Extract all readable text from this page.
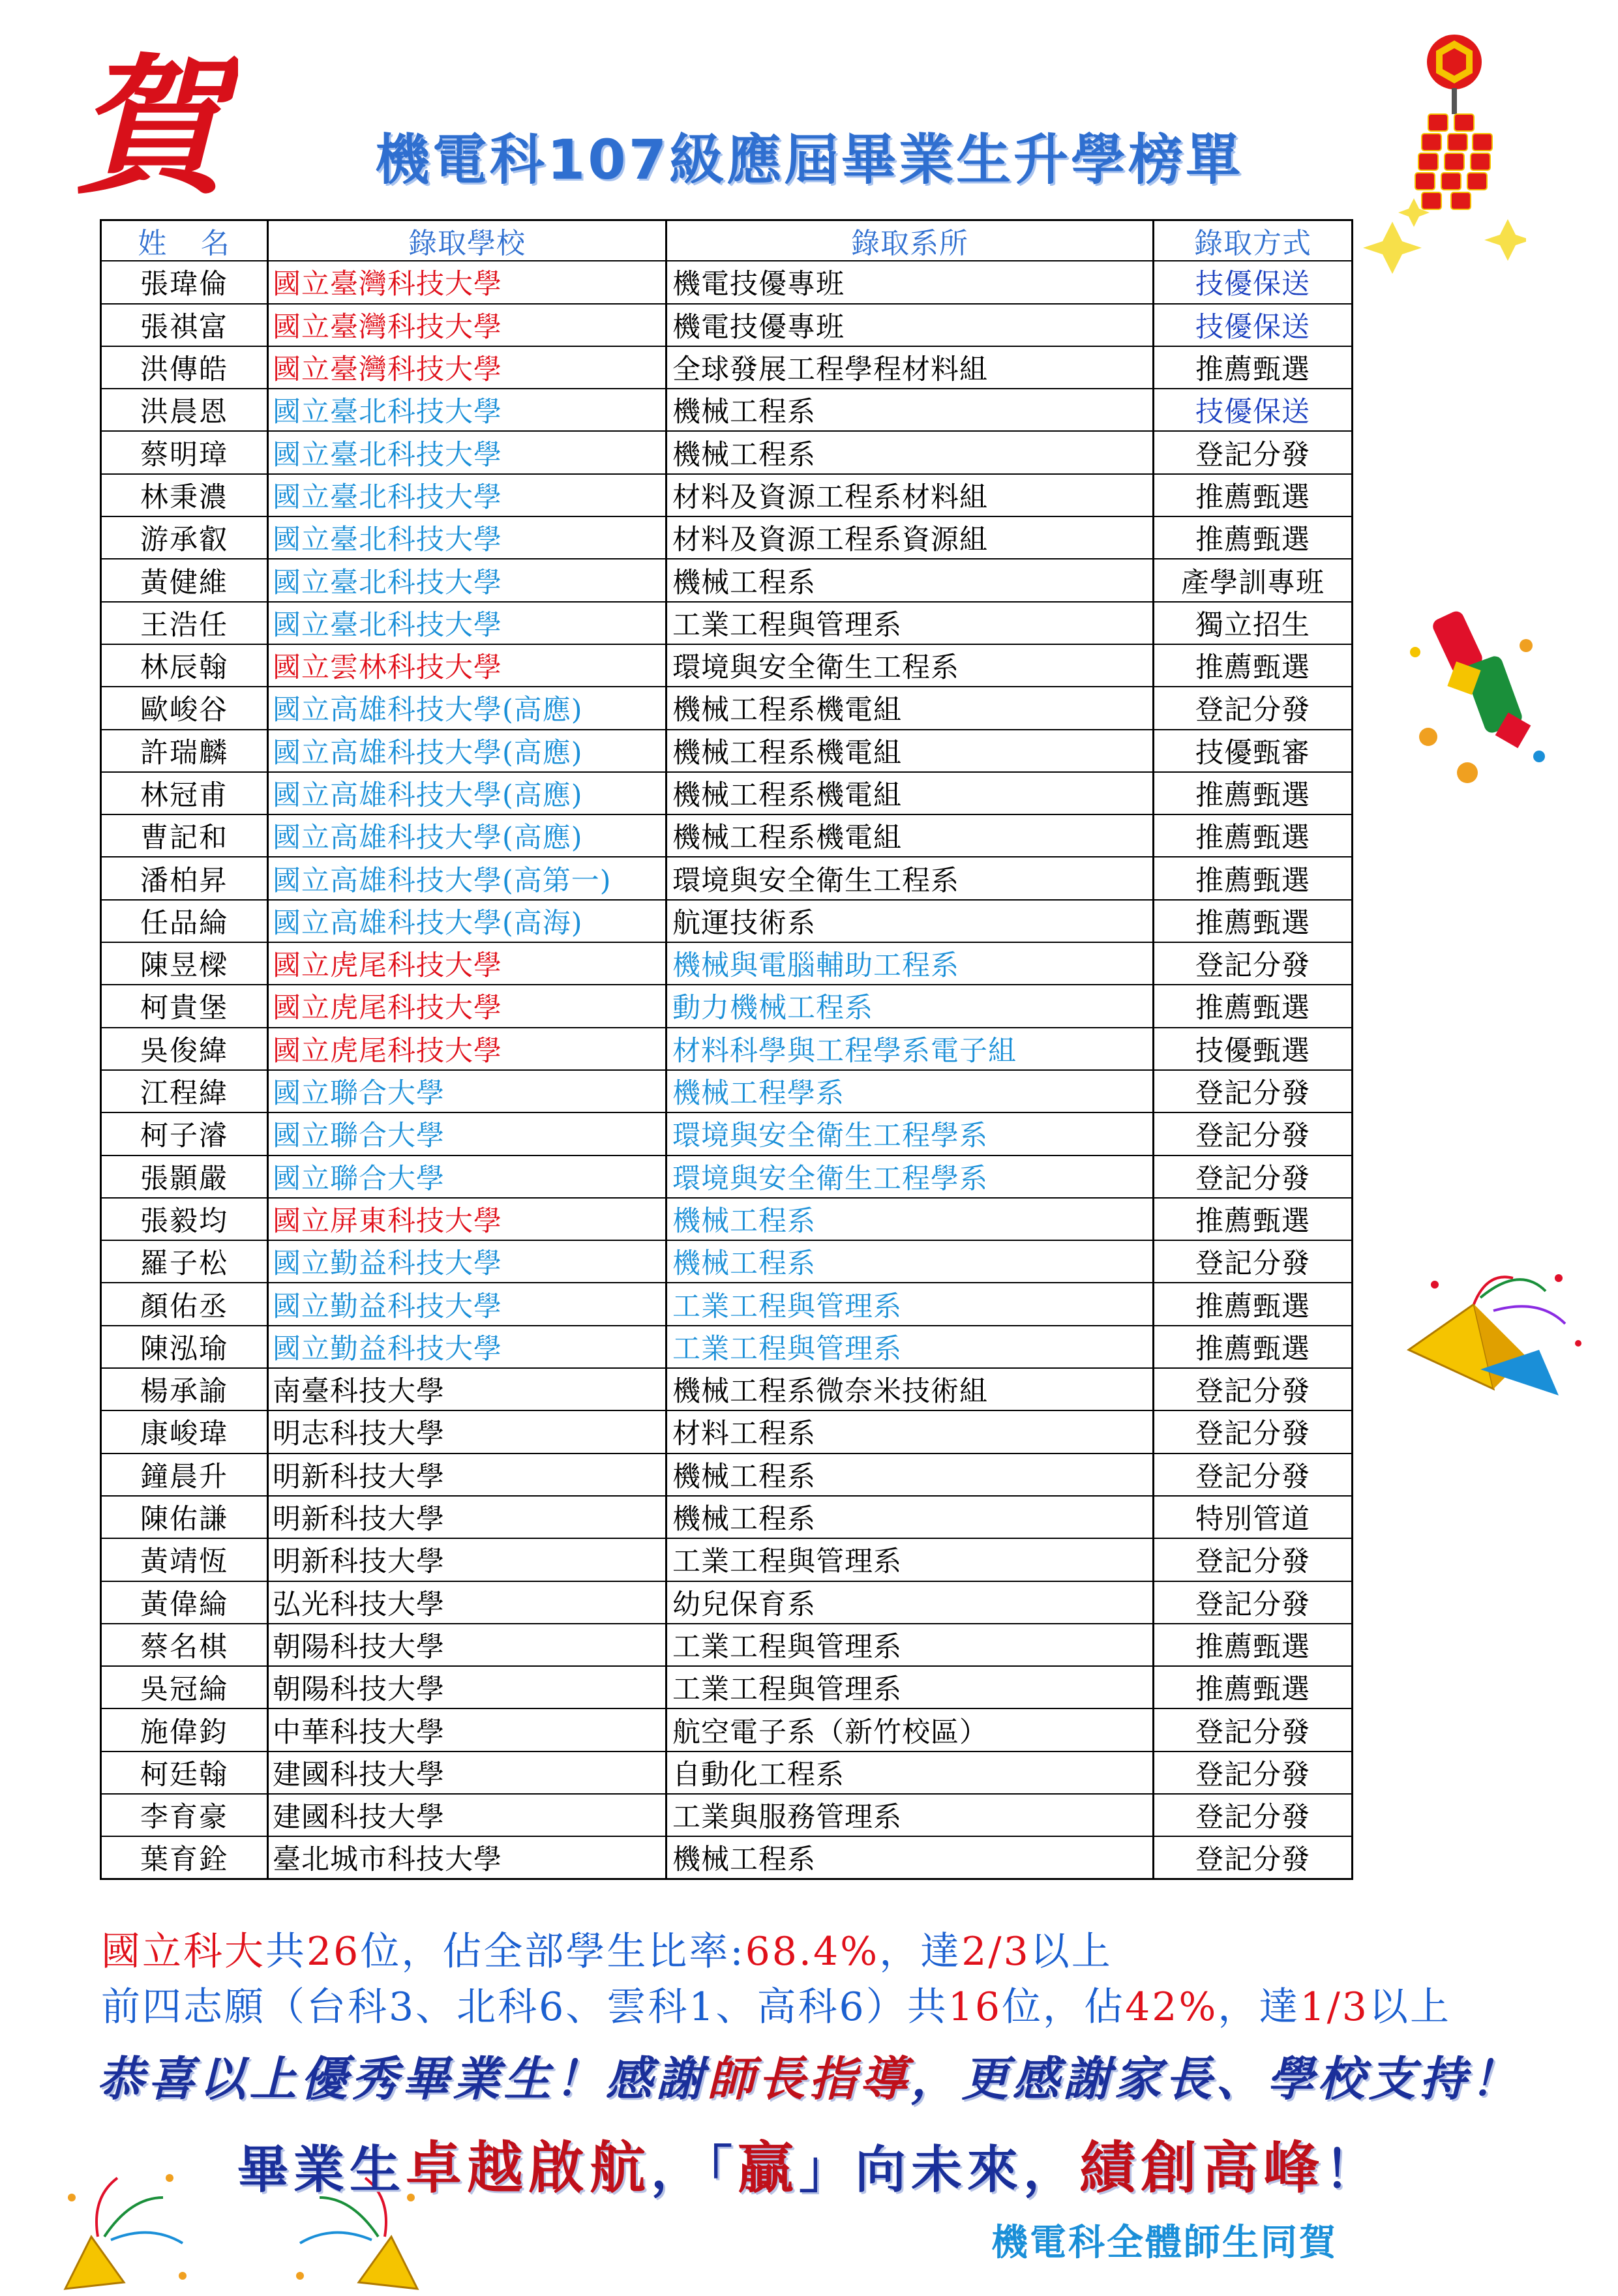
賀	機電科107級應屆畢業生升學榜單
姓 名	錄取學校	錄取系所	錄取方式
張瑋倫	國立臺灣科技大學	機電技優專班	技優保送
張祺富	國立臺灣科技大學	機電技優專班	技優保送
洪傳皓	國立臺灣科技大學	全球發展工程學程材料組	推薦甄選
洪晨恩	國立臺北科技大學	機械工程系	技優保送
蔡明璋	國立臺北科技大學	機械工程系	登記分發
林秉濃	國立臺北科技大學	材料及資源工程系材料組	推薦甄選
游承叡	國立臺北科技大學	材料及資源工程系資源組	推薦甄選
黃健維	國立臺北科技大學	機械工程系	產學訓專班
王浩任	國立臺北科技大學	工業工程與管理系	獨立招生
林辰翰	國立雲林科技大學	環境與安全衛生工程系	推薦甄選
歐峻谷	國立高雄科技大學(高應)	機械工程系機電組	登記分發
許瑞麟	國立高雄科技大學(高應)	機械工程系機電組	技優甄審
林冠甫	國立高雄科技大學(高應)	機械工程系機電組	推薦甄選
曹記和	國立高雄科技大學(高應)	機械工程系機電組	推薦甄選
潘柏昇	國立高雄科技大學(高第一)	環境與安全衛生工程系	推薦甄選
任品綸	國立高雄科技大學(高海)	航運技術系	推薦甄選
陳昱樑	國立虎尾科技大學	機械與電腦輔助工程系	登記分發
柯貴堡	國立虎尾科技大學	動力機械工程系	推薦甄選
吳俊緯	國立虎尾科技大學	材料科學與工程學系電子組	技優甄選
江程緯	國立聯合大學	機械工程學系	登記分發
柯子濬	國立聯合大學	環境與安全衛生工程學系	登記分發
張顥嚴	國立聯合大學	環境與安全衛生工程學系	登記分發
張毅均	國立屏東科技大學	機械工程系	推薦甄選
羅子松	國立勤益科技大學	機械工程系	登記分發
顏佑丞	國立勤益科技大學	工業工程與管理系	推薦甄選
陳泓瑜	國立勤益科技大學	工業工程與管理系	推薦甄選
楊承諭	南臺科技大學	機械工程系微奈米技術組	登記分發
康峻瑋	明志科技大學	材料工程系	登記分發
鐘晨升	明新科技大學	機械工程系	登記分發
陳佑謙	明新科技大學	機械工程系	特別管道
黃靖恆	明新科技大學	工業工程與管理系	登記分發
黃偉綸	弘光科技大學	幼兒保育系	登記分發
蔡名棋	朝陽科技大學	工業工程與管理系	推薦甄選
吳冠綸	朝陽科技大學	工業工程與管理系	推薦甄選
施偉鈞	中華科技大學	航空電子系（新竹校區）	登記分發
柯廷翰	建國科技大學	自動化工程系	登記分發
李育豪	建國科技大學	工業與服務管理系	登記分發
葉育銓	臺北城市科技大學	機械工程系	登記分發
國立科大共26位，佔全部學生比率:68.4%，達2/3以上
前四志願（台科3、北科6、雲科1、高科6）共16位，佔42%，達1/3以上
恭喜以上優秀畢業生！感謝師長指導，更感謝家長、學校支持！
畢業生卓越啟航，「贏」向未來，績創高峰！
機電科全體師生同賀
